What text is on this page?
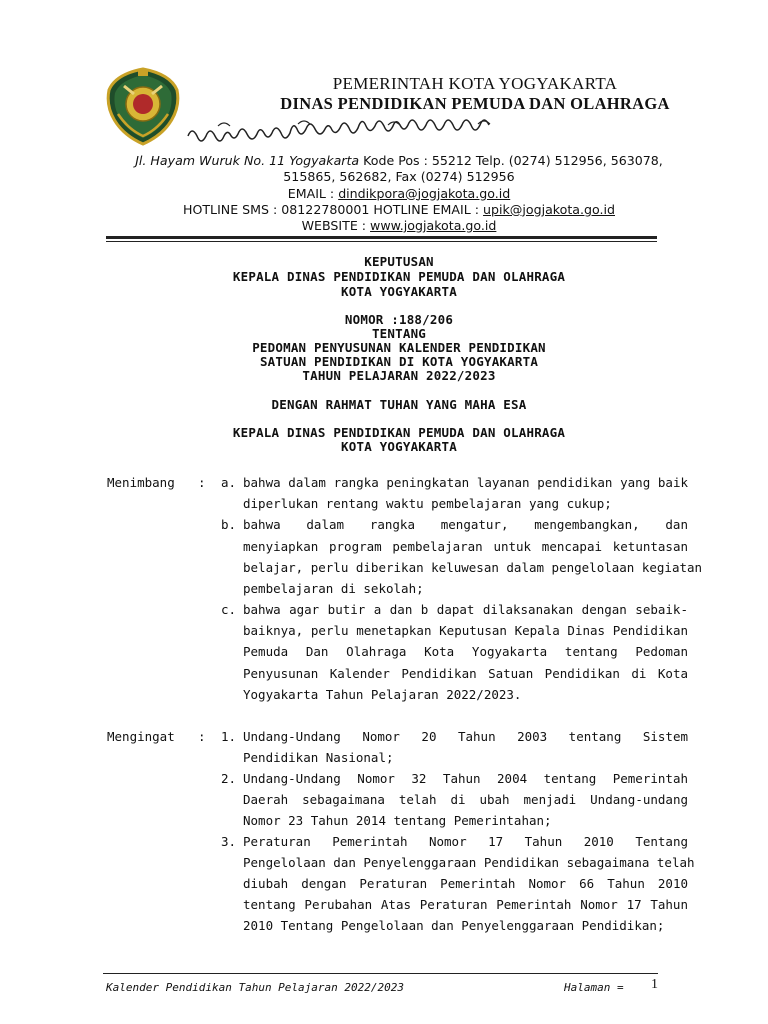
PEMERINTAH KOTA YOGYAKARTA
DINAS PENDIDIKAN PEMUDA DAN OLAHRAGA
Jl. Hayam Wuruk No. 11 Yogyakarta Kode Pos : 55212 Telp. (0274) 512956, 563078,
515865, 562682, Fax (0274) 512956
EMAIL : dindikpora@jogjakota.go.id
HOTLINE SMS : 08122780001 HOTLINE EMAIL : upik@jogjakota.go.id
WEBSITE : www.jogjakota.go.id
KEPUTUSAN
KEPALA DINAS PENDIDIKAN PEMUDA DAN OLAHRAGA
KOTA YOGYAKARTA
NOMOR :188/206
TENTANG
PEDOMAN PENYUSUNAN KALENDER PENDIDIKAN
SATUAN PENDIDIKAN DI KOTA YOGYAKARTA
TAHUN PELAJARAN 2022/2023
DENGAN RAHMAT TUHAN YANG MAHA ESA
KEPALA DINAS PENDIDIKAN PEMUDA DAN OLAHRAGA
KOTA YOGYAKARTA
Menimbang : a. bahwa dalam rangka peningkatan layanan pendidikan yang baik
diperlukan rentang waktu pembelajaran yang cukup;
b. bahwa dalam rangka mengatur, mengembangkan, dan
menyiapkan program pembelajaran untuk mencapai ketuntasan
belajar, perlu diberikan keluwesan dalam pengelolaan kegiatan
pembelajaran di sekolah;
c. bahwa agar butir a dan b dapat dilaksanakan dengan sebaik-
baiknya, perlu menetapkan Keputusan Kepala Dinas Pendidikan
Pemuda Dan Olahraga Kota Yogyakarta tentang Pedoman
Penyusunan Kalender Pendidikan Satuan Pendidikan di Kota
Yogyakarta Tahun Pelajaran 2022/2023.
Mengingat : 1. Undang-Undang Nomor 20 Tahun 2003 tentang Sistem
Pendidikan Nasional;
2. Undang-Undang Nomor 32 Tahun 2004 tentang Pemerintah
Daerah sebagaimana telah di ubah menjadi Undang-undang
Nomor 23 Tahun 2014 tentang Pemerintahan;
3. Peraturan Pemerintah Nomor 17 Tahun 2010 Tentang
Pengelolaan dan Penyelenggaraan Pendidikan sebagaimana telah
diubah dengan Peraturan Pemerintah Nomor 66 Tahun 2010
tentang Perubahan Atas Peraturan Pemerintah Nomor 17 Tahun
2010 Tentang Pengelolaan dan Penyelenggaraan Pendidikan;
Kalender Pendidikan Tahun Pelajaran 2022/2023	Halaman = 1
